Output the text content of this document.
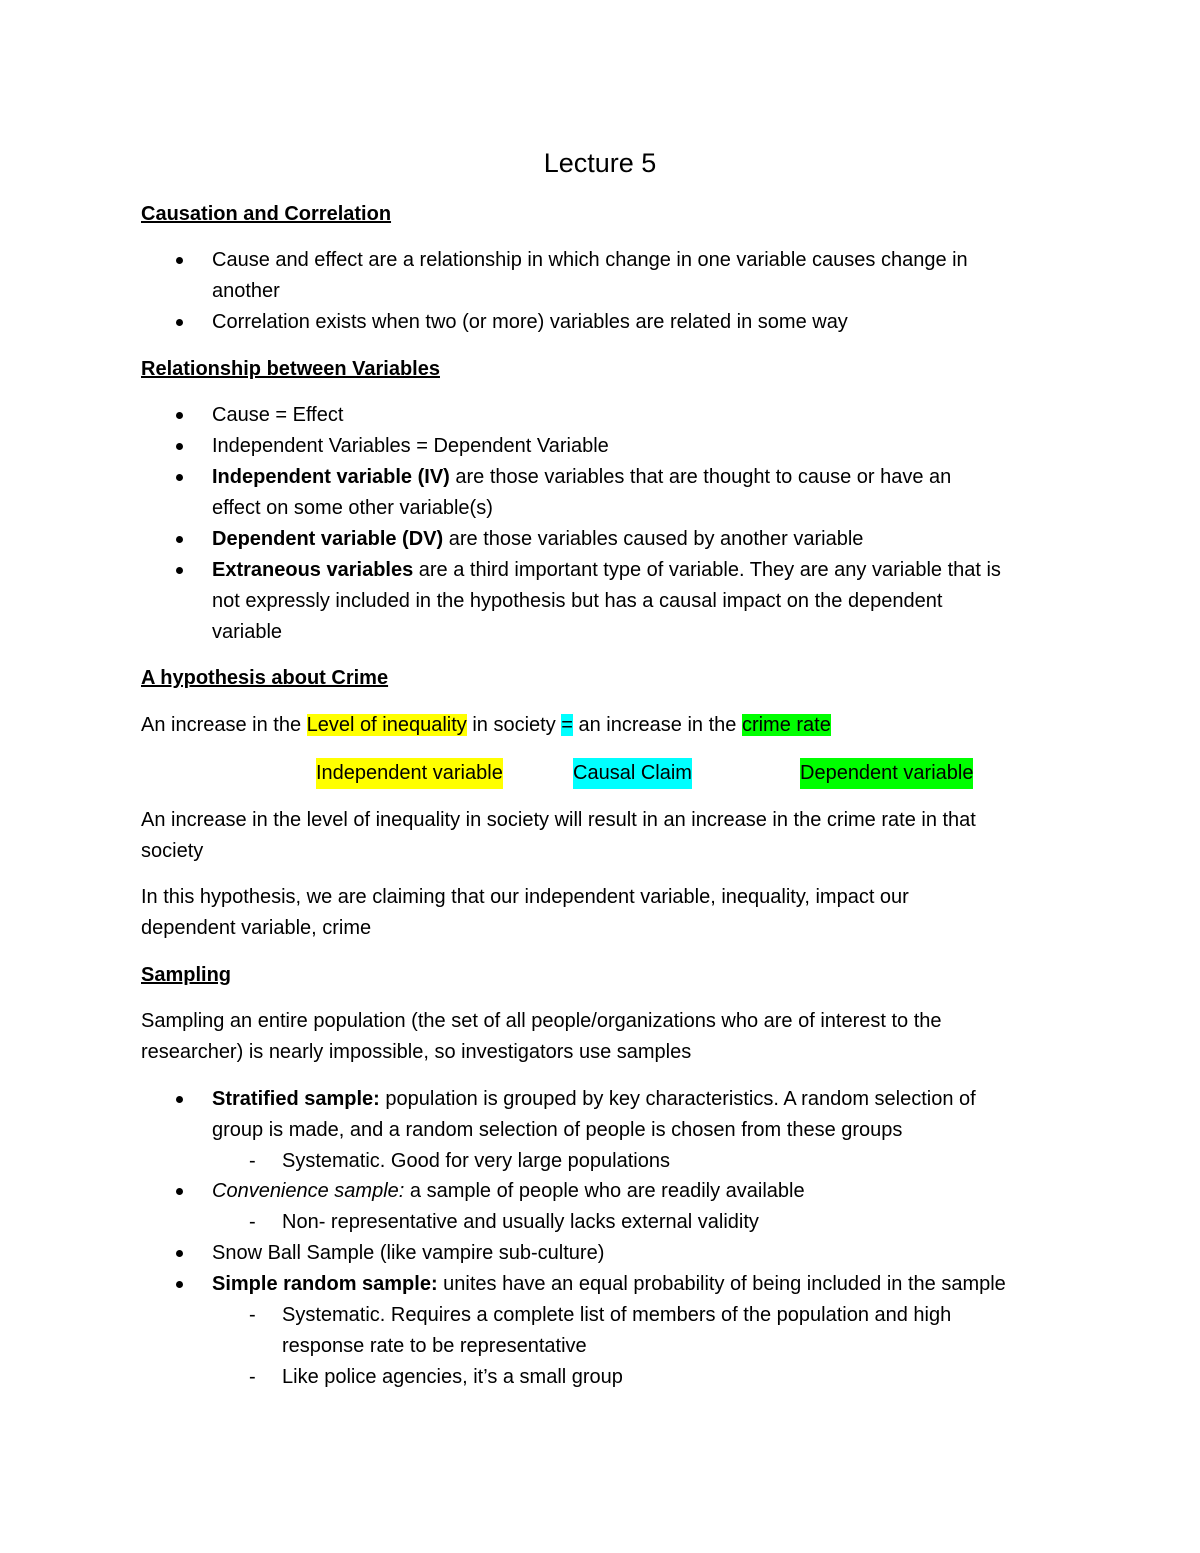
Lecture 5
Causation and Correlation
Cause and effect are a relationship in which change in one variable causes change in
another
Correlation exists when two (or more) variables are related in some way
Relationship between Variables
Cause = Effect
Independent Variables = Dependent Variable
Independent variable (IV) are those variables that are thought to cause or have an
effect on some other variable(s)
Dependent variable (DV) are those variables caused by another variable
Extraneous variables are a third important type of variable. They are any variable that is
not expressly included in the hypothesis but has a causal impact on the dependent
variable
A hypothesis about Crime
An increase in the Level of inequality in society = an increase in the crime rate
Independent variable	Causal Claim	Dependent variable
An increase in the level of inequality in society will result in an increase in the crime rate in that
society
In this hypothesis, we are claiming that our independent variable, inequality, impact our
dependent variable, crime
Sampling
Sampling an entire population (the set of all people/organizations who are of interest to the
researcher) is nearly impossible, so investigators use samples
Stratified sample: population is grouped by key characteristics. A random selection of
group is made, and a random selection of people is chosen from these groups
- Systematic. Good for very large populations
Convenience sample: a sample of people who are readily available
- Non- representative and usually lacks external validity
Snow Ball Sample (like vampire sub-culture)
Simple random sample: unites have an equal probability of being included in the sample
- Systematic. Requires a complete list of members of the population and high
response rate to be representative
- Like police agencies, it’s a small group
